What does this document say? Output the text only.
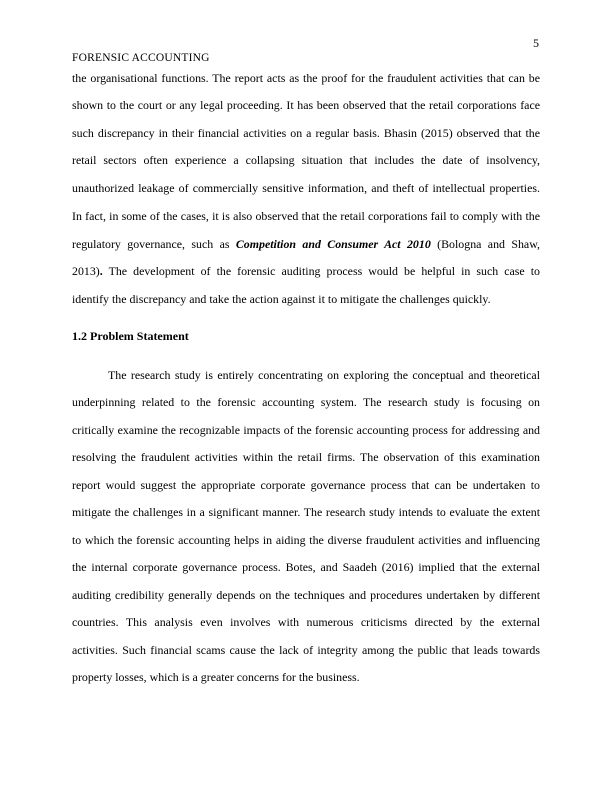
5
FORENSIC ACCOUNTING
the organisational functions. The report acts as the proof for the fraudulent activities that can be
shown to the court or any legal proceeding. It has been observed that the retail corporations face
such discrepancy in their financial activities on a regular basis. Bhasin (2015) observed that the
retail sectors often experience a collapsing situation that includes the date of insolvency,
unauthorized leakage of commercially sensitive information, and theft of intellectual properties.
In fact, in some of the cases, it is also observed that the retail corporations fail to comply with the
regulatory governance, such as Competition and Consumer Act 2010 (Bologna and Shaw,
2013). The development of the forensic auditing process would be helpful in such case to
identify the discrepancy and take the action against it to mitigate the challenges quickly.
1.2 Problem Statement
The research study is entirely concentrating on exploring the conceptual and theoretical
underpinning related to the forensic accounting system. The research study is focusing on
critically examine the recognizable impacts of the forensic accounting process for addressing and
resolving the fraudulent activities within the retail firms. The observation of this examination
report would suggest the appropriate corporate governance process that can be undertaken to
mitigate the challenges in a significant manner. The research study intends to evaluate the extent
to which the forensic accounting helps in aiding the diverse fraudulent activities and influencing
the internal corporate governance process. Botes, and Saadeh (2016) implied that the external
auditing credibility generally depends on the techniques and procedures undertaken by different
countries. This analysis even involves with numerous criticisms directed by the external
activities. Such financial scams cause the lack of integrity among the public that leads towards
property losses, which is a greater concerns for the business.
